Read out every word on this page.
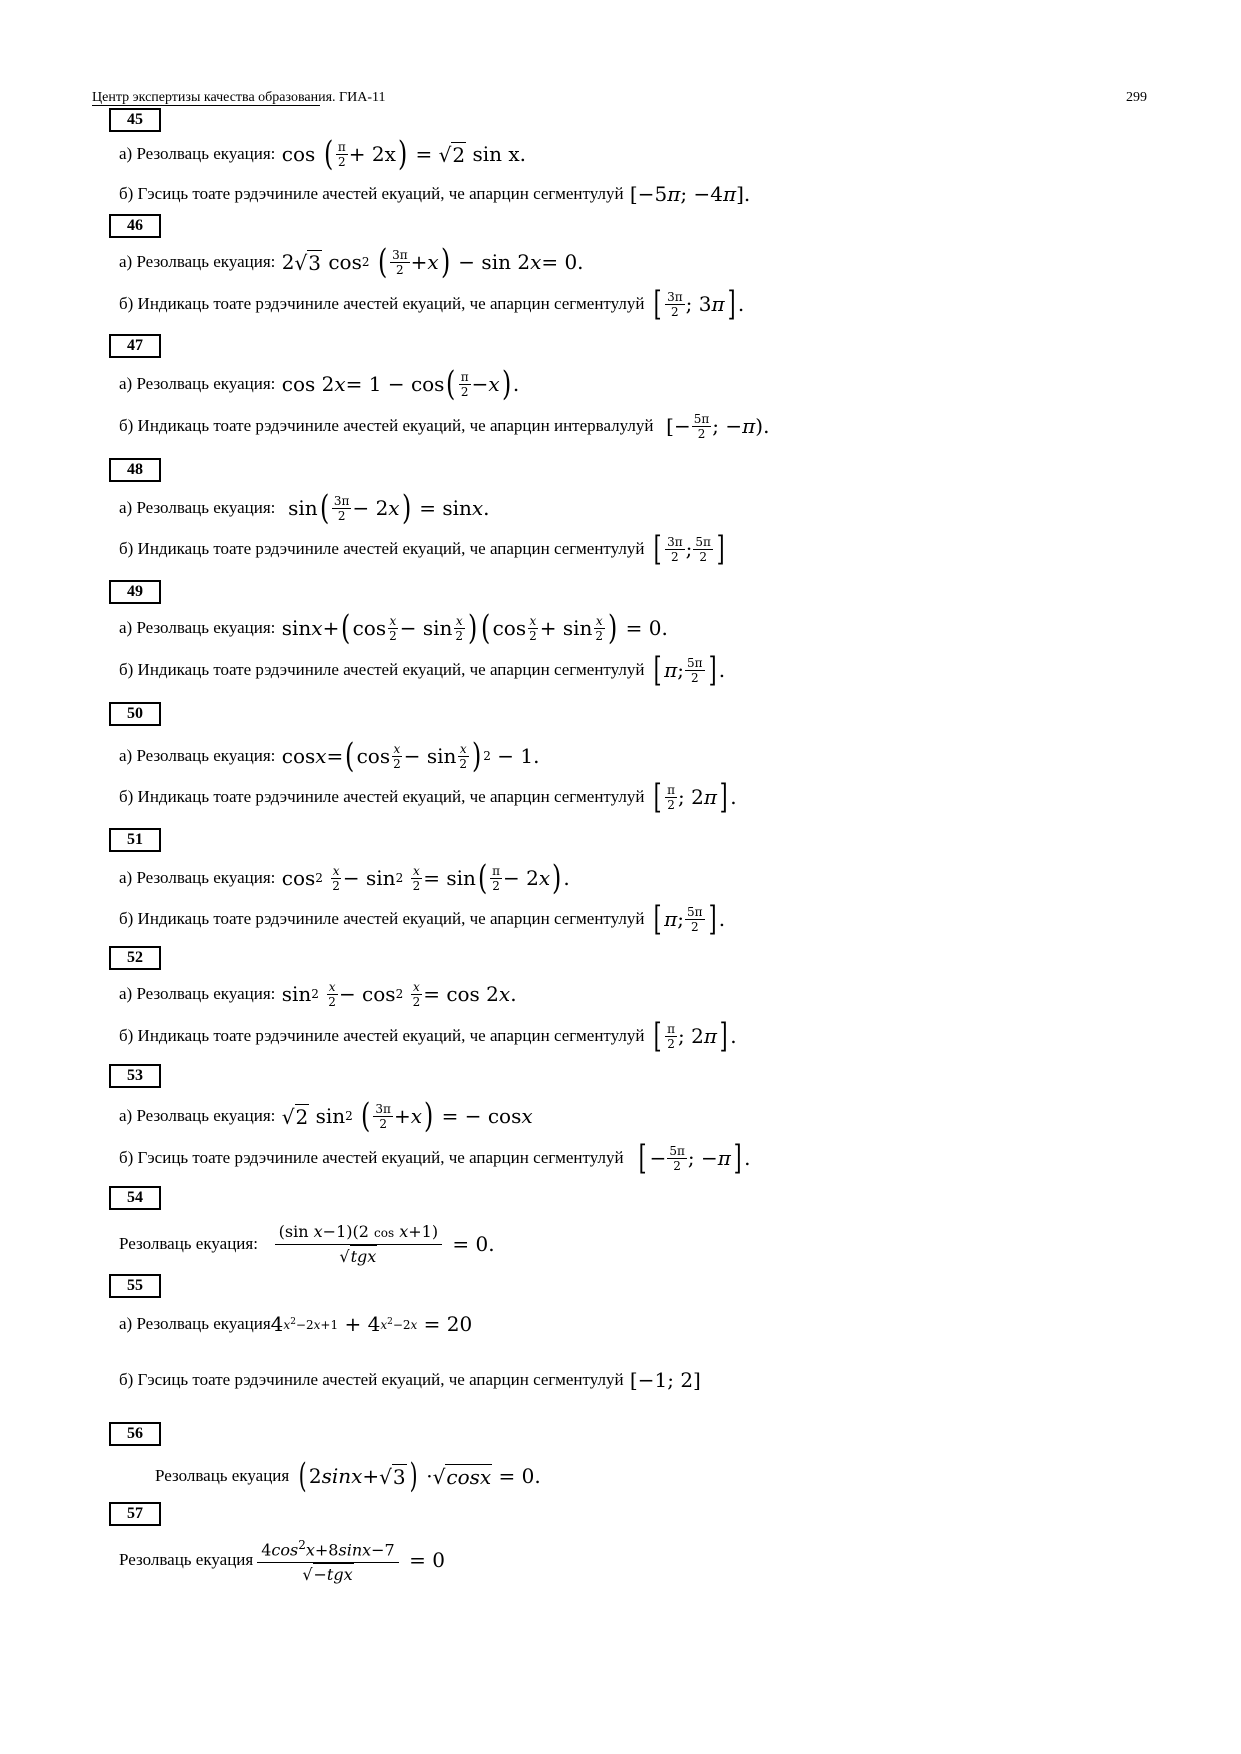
Центр экспертизы качества образования. ГИА-11	299
45
а) Резолваць екуация: cos ( $\frac{\pi}{2} + 2x$ ) = √ 2 sin x.
б) Гэсиць тоате рэдэчиниле ачестей екуаций, че апарцин сегментулуй [−5 π ; −4 π ].
46
а) Резолваць екуация: 2 √ 3 cos 2
( $\frac{3\pi}{2} + x$ ) − sin 2 x = 0.
б) Индикаць тоате рэдэчиниле ачестей екуаций, че апарцин сегментулуй
[ $\frac{3\pi}{2}$ ; 3 π ] .
47
а) Резолваць екуация: cos 2 x = 1 − cos ( $\frac{\pi}{2} - x$ ) .
б) Индикаць тоате рэдэчиниле ачестей екуаций, че апарцин интервалулуй [− $\frac{5\pi}{2}$ ; − π ).
48
а) Резолваць екуация: sin ( $\frac{3\pi}{2} - 2$ x ) = sin x .
б) Индикаць тоате рэдэчиниле ачестей екуаций, че апарцин сегментулуй
[ $\frac{3\pi}{2}$ ; $\frac{5\pi}{2}$ ]
49
а) Резолваць екуация: sin x + ( $\cos \frac{x}{2} - \sin \frac{x}{2}$ ) ( $\cos \frac{x}{2} + \sin \frac{x}{2}$ ) = 0.
б) Индикаць тоате рэдэчиниле ачестей екуаций, че апарцин сегментулуй
[ π ; $\frac{5\pi}{2}$ ] .
50
а) Резолваць екуация: cos x = ( $\cos \frac{x}{2} - \sin \frac{x}{2}$ ) 2 − 1.
б) Индикаць тоате рэдэчиниле ачестей екуаций, че апарцин сегментулуй
[ $\frac{\pi}{2}$ ; 2 π ] .
51
а) Резолваць екуация: cos 2
$\frac{x}{2} - \sin 2$
$\frac{x}{2} = \sin$ ( $\frac{\pi}{2} - 2$ x ) .
б) Индикаць тоате рэдэчиниле ачестей екуаций, че апарцин сегментулуй
[ π ; $\frac{5\pi}{2}$ ] .
52
а) Резолваць екуация: sin 2
$\frac{x}{2} - \cos 2$
$\frac{x}{2} = \cos 2$ x .
б) Индикаць тоате рэдэчиниле ачестей екуаций, че апарцин сегментулуй
[ $\frac{\pi}{2}$ ; 2 π ] .
53
а) Резолваць екуация:
√ 2 sin 2
( $\frac{3\pi}{2} + x$ ) = − cos x
б) Гэсиць тоате рэдэчиниле ачестей екуаций, че апарцин сегментулуй
[ − $\frac{5\pi}{2}$ ; − π ] .
54
Резолваць екуация:

(sin x−1)(2 cos x+1)
√ tgx	= 0.
55
а) Резолваць екуация 4 $x^2-2x+1 + 4$ $x^2-2x = 20$
б) Гэсиць тоате рэдэчиниле ачестей екуаций, че апарцин сегментулуй [−1; 2]
56
Резолваць екуация
( 2 sinx + √ 3 ) · √ cosx = 0.
57
Резолваць екуация $4\cos^2x+8\sin x-7$
√ −tgx
= 0
